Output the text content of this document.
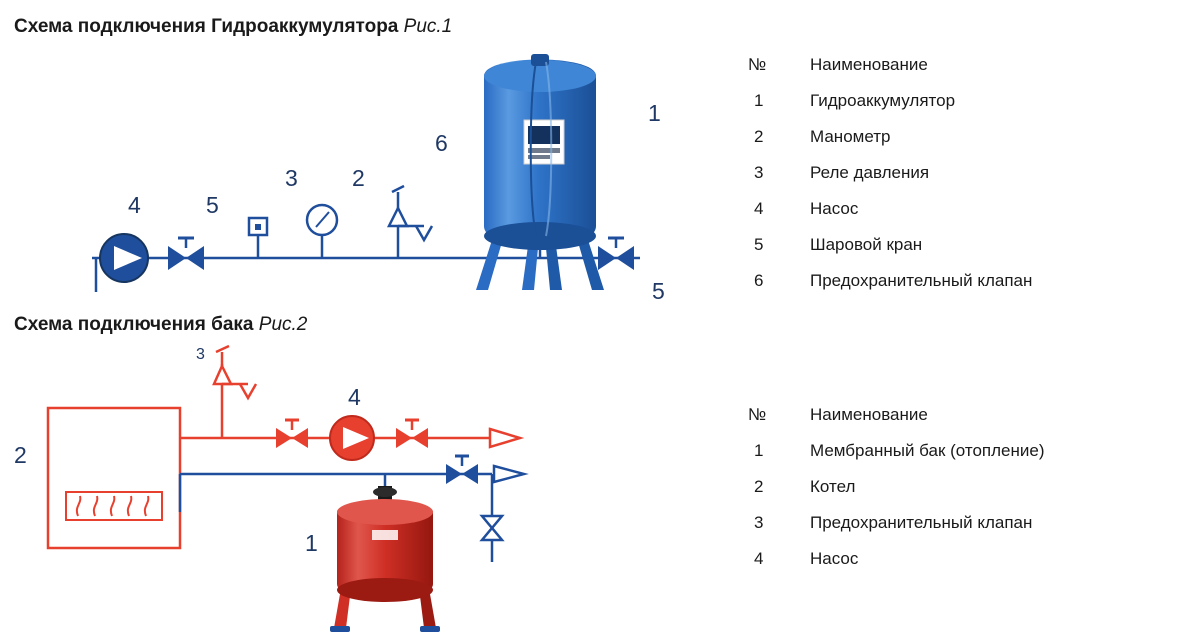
Схема подключения Гидроаккумулятора Рис.1
1
2
3
4	5
5
6
Схема подключения бака Рис.2
1
2
3
4
№	Наименование
1	Гидроаккумулятор
2	Манометр
3	Реле давления
4	Насос
5	Шаровой кран
6	Предохранительный клапан
№	Наименование
1	Мембранный бак (отопление)
2	Котел
3	Предохранительный клапан
4	Насос
